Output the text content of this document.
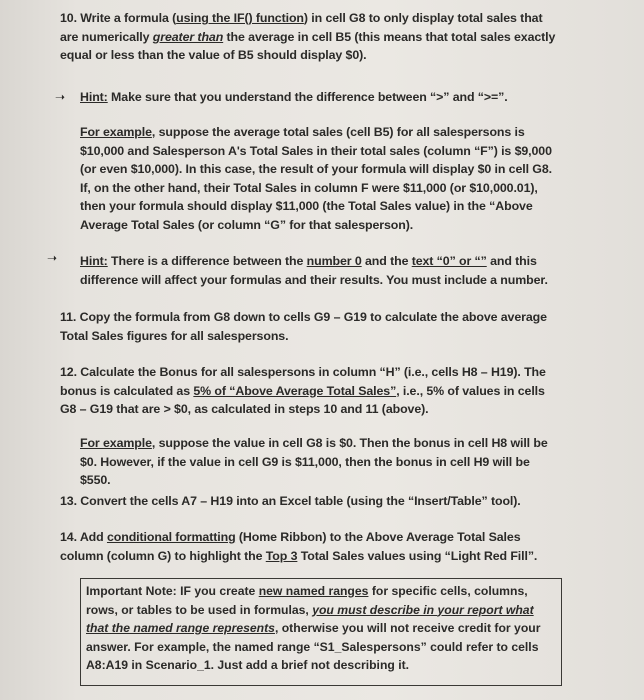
10. Write a formula (using the IF() function) in cell G8 to only display total sales that are numerically greater than the average in cell B5 (this means that total sales exactly equal or less than the value of B5 should display $0).
➝ Hint: Make sure that you understand the difference between “>” and “>=”.
For example, suppose the average total sales (cell B5) for all salespersons is $10,000 and Salesperson A's Total Sales in their total sales (column “F”) is $9,000 (or even $10,000). In this case, the result of your formula will display $0 in cell G8. If, on the other hand, their Total Sales in column F were $11,000 (or $10,000.01), then your formula should display $11,000 (the Total Sales value) in the “Above Average Total Sales (or column “G” for that salesperson).
➝ Hint: There is a difference between the number 0 and the text “0” or “” and this difference will affect your formulas and their results. You must include a number.
11. Copy the formula from G8 down to cells G9 – G19 to calculate the above average Total Sales figures for all salespersons.
12. Calculate the Bonus for all salespersons in column “H” (i.e., cells H8 – H19). The bonus is calculated as 5% of “Above Average Total Sales”, i.e., 5% of values in cells G8 – G19 that are > $0, as calculated in steps 10 and 11 (above).
For example, suppose the value in cell G8 is $0. Then the bonus in cell H8 will be $0. However, if the value in cell G9 is $11,000, then the bonus in cell H9 will be $550.
13. Convert the cells A7 – H19 into an Excel table (using the “Insert/Table” tool).
14. Add conditional formatting (Home Ribbon) to the Above Average Total Sales column (column G) to highlight the Top 3 Total Sales values using “Light Red Fill”.
Important Note: IF you create new named ranges for specific cells, columns, rows, or tables to be used in formulas, you must describe in your report what that the named range represents, otherwise you will not receive credit for your answer. For example, the named range “S1_Salespersons” could refer to cells A8:A19 in Scenario_1. Just add a brief not describing it.
